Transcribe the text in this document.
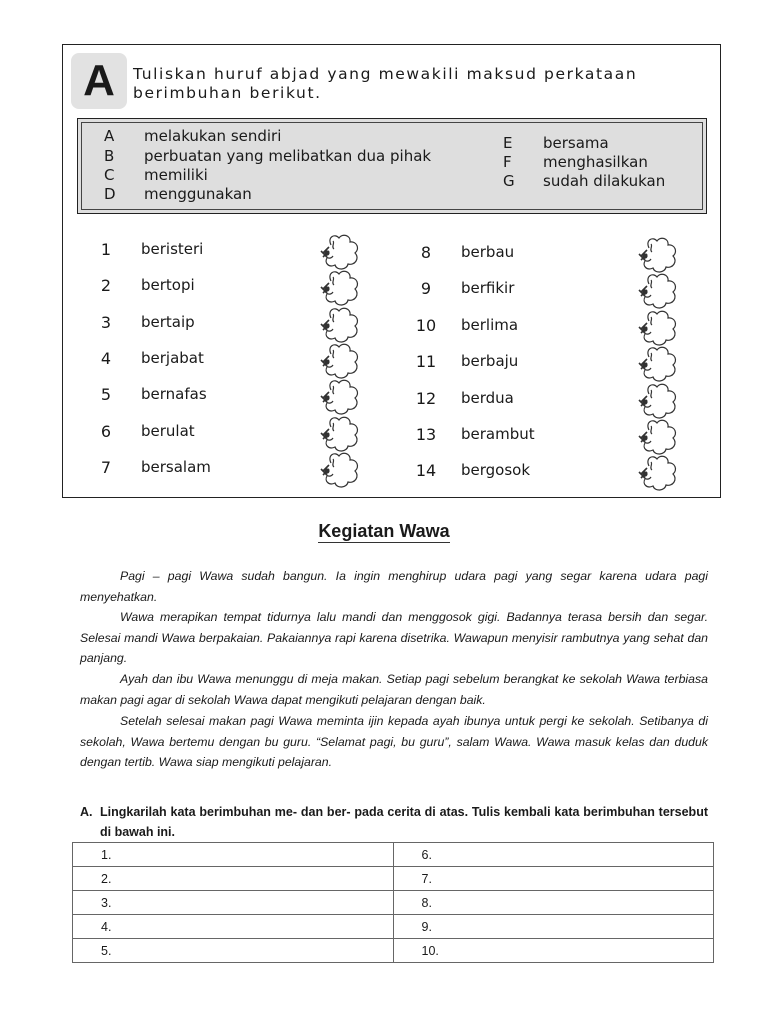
A	Tuliskan huruf abjad yang mewakili maksud perkataan berimbuhan berikut.
A melakukan sendiri
B perbuatan yang melibatkan dua pihak
C memiliki
D menggunakan
E bersama
F menghasilkan
G sudah dilakukan
1	beristeri
2	bertopi
3	bertaip
4	berjabat
5	bernafas
6	berulat
7	bersalam
8	berbau
9	berfikir
10	berlima
11	berbaju
12	berdua
13	berambut
14	bergosok
Kegiatan Wawa

Pagi – pagi Wawa sudah bangun. Ia ingin menghirup udara pagi yang segar karena udara pagi menyehatkan.

Wawa merapikan tempat tidurnya lalu mandi dan menggosok gigi. Badannya terasa bersih dan segar. Selesai mandi Wawa berpakaian. Pakaiannya rapi karena disetrika. Wawapun menyisir rambutnya yang sehat dan panjang.

Ayah dan ibu Wawa menunggu di meja makan. Setiap pagi sebelum berangkat ke sekolah Wawa terbiasa makan pagi agar di sekolah Wawa dapat mengikuti pelajaran dengan baik.

Setelah selesai makan pagi Wawa meminta ijin kepada ayah ibunya untuk pergi ke sekolah. Setibanya di sekolah, Wawa bertemu dengan bu guru. “Selamat pagi, bu guru”, salam Wawa. Wawa masuk kelas dan duduk dengan tertib. Wawa siap mengikuti pelajaran.

A. Lingkarilah kata berimbuhan me- dan ber- pada cerita di atas. Tulis kembali kata berimbuhan tersebut di bawah ini.
1.	6.
2.	7.
3.	8.
4.	9.
5.	10.
